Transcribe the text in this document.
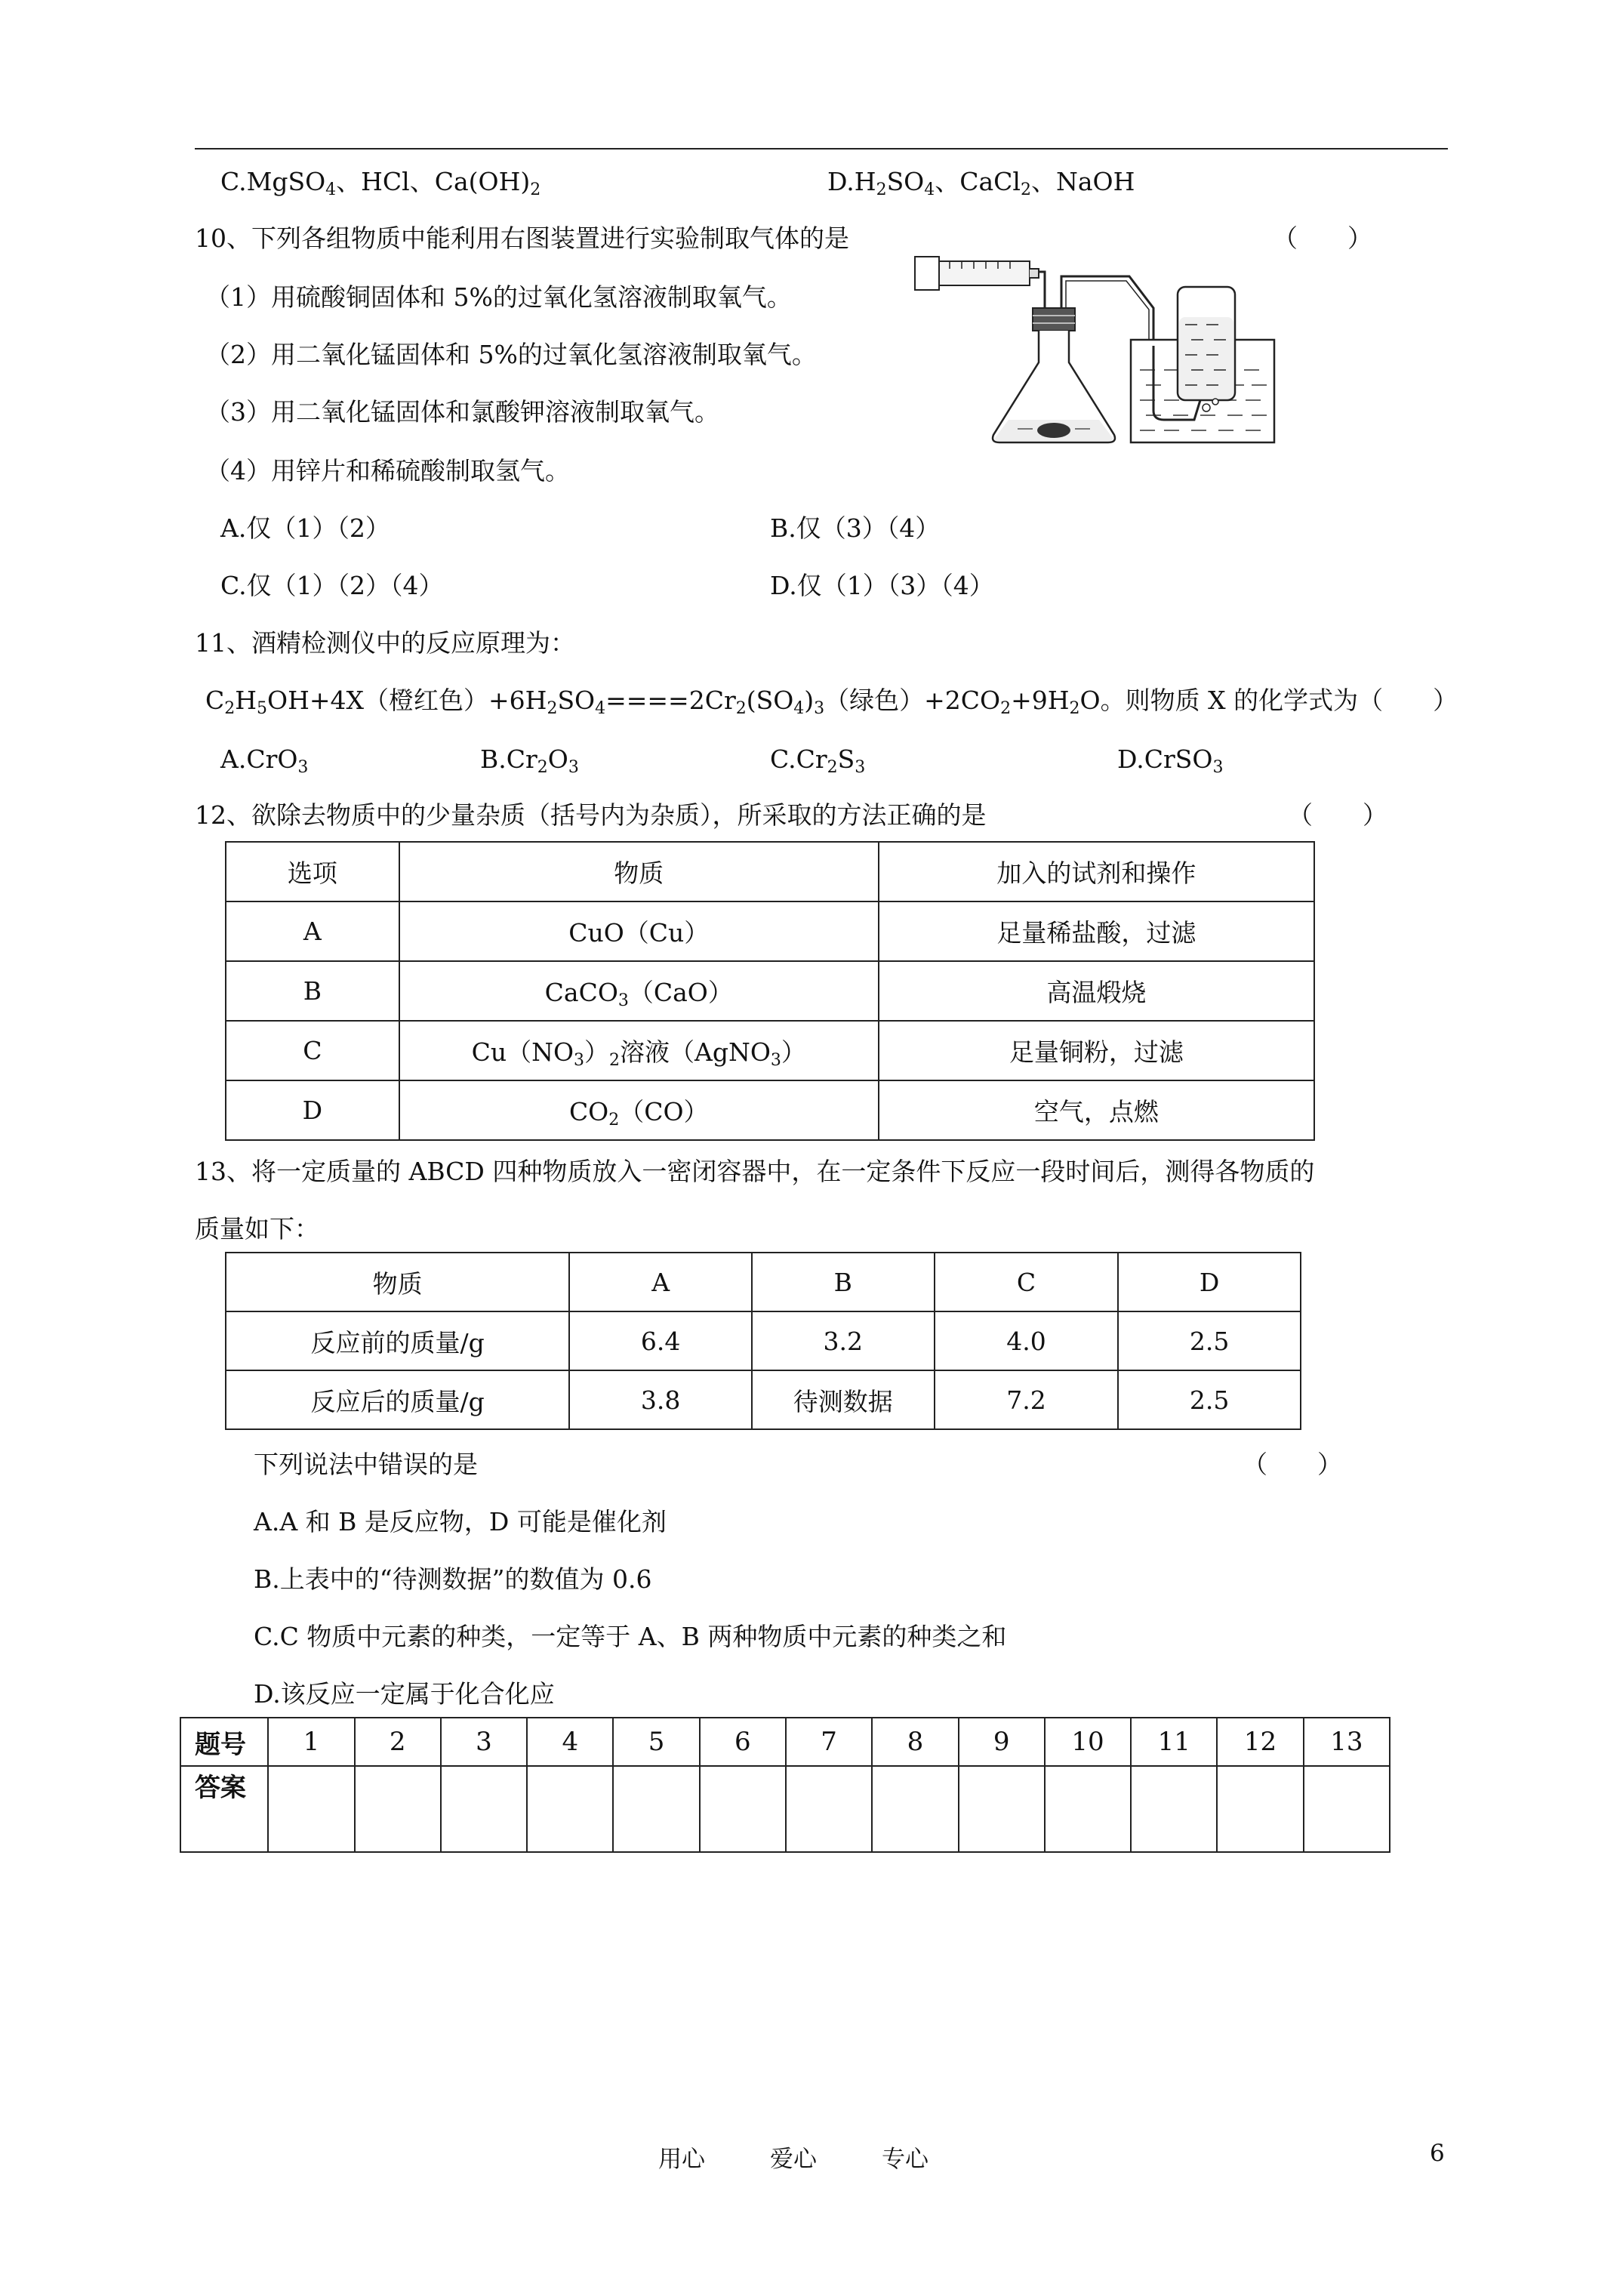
C.MgSO$_4$、HCl、$Ca(OH)_2$	$D.H_2SO_4$、CaCl$_2$、NaOH
10、下列各组物质中能利用右图装置进行实验制取气体的是	（　　）
（1）用硫酸铜固体和 5%的过氧化氢溶液制取氧气。
（2）用二氧化锰固体和 5%的过氧化氢溶液制取氧气。
（3）用二氧化锰固体和氯酸钾溶液制取氧气。
（4）用锌片和稀硫酸制取氢气。
A.仅（1）（2）	B.仅（3）（4）
C.仅（1）（2）（4）	D.仅（1）（3）（4）
11、酒精检测仪中的反应原理为：
$C_2H_5OH+4X$（橙红色）$+6H_2SO_4====2Cr_2(SO_4)_3$（绿色）$+2CO_2+9H_2O$。则物质 X 的化学式为（　　）
A.CrO$_3$	$B.Cr_2O_3$	$C.Cr_2S_3$	D.CrSO$_3$
12、欲除去物质中的少量杂质（括号内为杂质），所采取的方法正确的是	（　　）
选项	物质	加入的试剂和操作
A	CuO（Cu）	足量稀盐酸，过滤
B	CaCO$_3$（CaO）	高温煅烧
C	$Cu(NO_3)_2$溶液（AgNO$_3$）	足量铜粉，过滤
D	$CO_2(CO)$	空气，点燃
13、将一定质量的 ABCD 四种物质放入一密闭容器中，在一定条件下反应一段时间后，测得各物质的
质量如下：
物质	A	B	C	D
反应前的质量/g	6.4	3.2	4.0	2.5
反应后的质量/g	3.8	待测数据	7.2	2.5
下列说法中错误的是	（　　）
A.A 和 B 是反应物，D 可能是催化剂
B.上表中的“待测数据”的数值为 0.6
C.C 物质中元素的种类，一定等于 A、B 两种物质中元素的种类之和
D.该反应一定属于化合化应
题号	1	2	3	4	5	6	7	8	9	10	11	12	13
答案													
用心	爱心	专心	6
